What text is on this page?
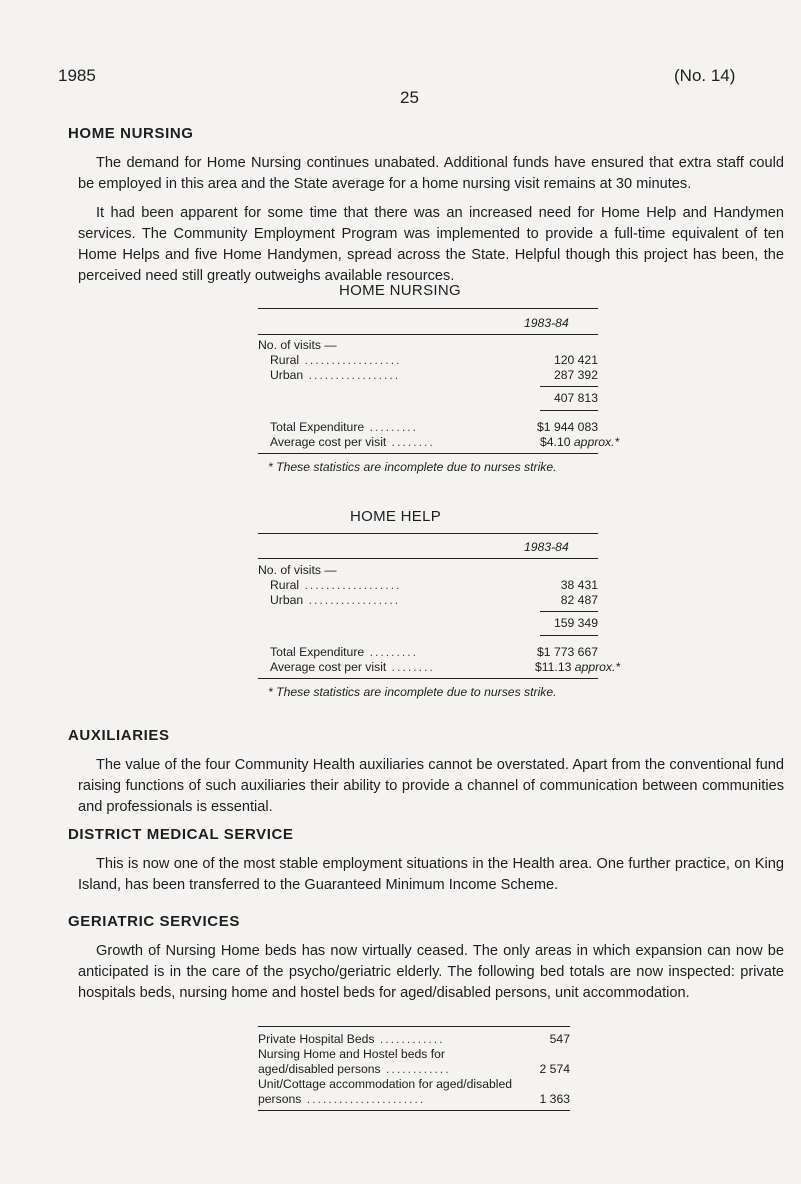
1985
25
(No. 14)
HOME NURSING
The demand for Home Nursing continues unabated. Additional funds have ensured that extra staff could be employed in this area and the State average for a home nursing visit remains at 30 minutes.
It had been apparent for some time that there was an increased need for Home Help and Handymen services. The Community Employment Program was implemented to provide a full-time equivalent of ten Home Helps and five Home Handymen, spread across the State. Helpful though this project has been, the perceived need still greatly outweighs available resources.
HOME NURSING
1983-84
No. of visits —
Rural ..................	120 421
Urban .................	287 392
407 813
Total Expenditure .........	$1 944 083
Average cost per visit ........	$4.10 approx.*
* These statistics are incomplete due to nurses strike.
HOME HELP
1983-84
No. of visits —
Rural ..................	38 431
Urban .................	82 487
159 349
Total Expenditure .........	$1 773 667
Average cost per visit ........	$11.13 approx.*
* These statistics are incomplete due to nurses strike.
AUXILIARIES
The value of the four Community Health auxiliaries cannot be overstated. Apart from the conventional fund raising functions of such auxiliaries their ability to provide a channel of communication between communities and professionals is essential.
DISTRICT MEDICAL SERVICE
This is now one of the most stable employment situations in the Health area. One further practice, on King Island, has been transferred to the Guaranteed Minimum Income Scheme.
GERIATRIC SERVICES
Growth of Nursing Home beds has now virtually ceased. The only areas in which expansion can now be anticipated is in the care of the psycho/geriatric elderly. The following bed totals are now inspected: private hospitals beds, nursing home and hostel beds for aged/disabled persons, unit accommodation.
Private Hospital Beds ............	547
Nursing Home and Hostel beds for
aged/disabled persons ............	2 574
Unit/Cottage accommodation for aged/disabled
persons ......................	1 363
